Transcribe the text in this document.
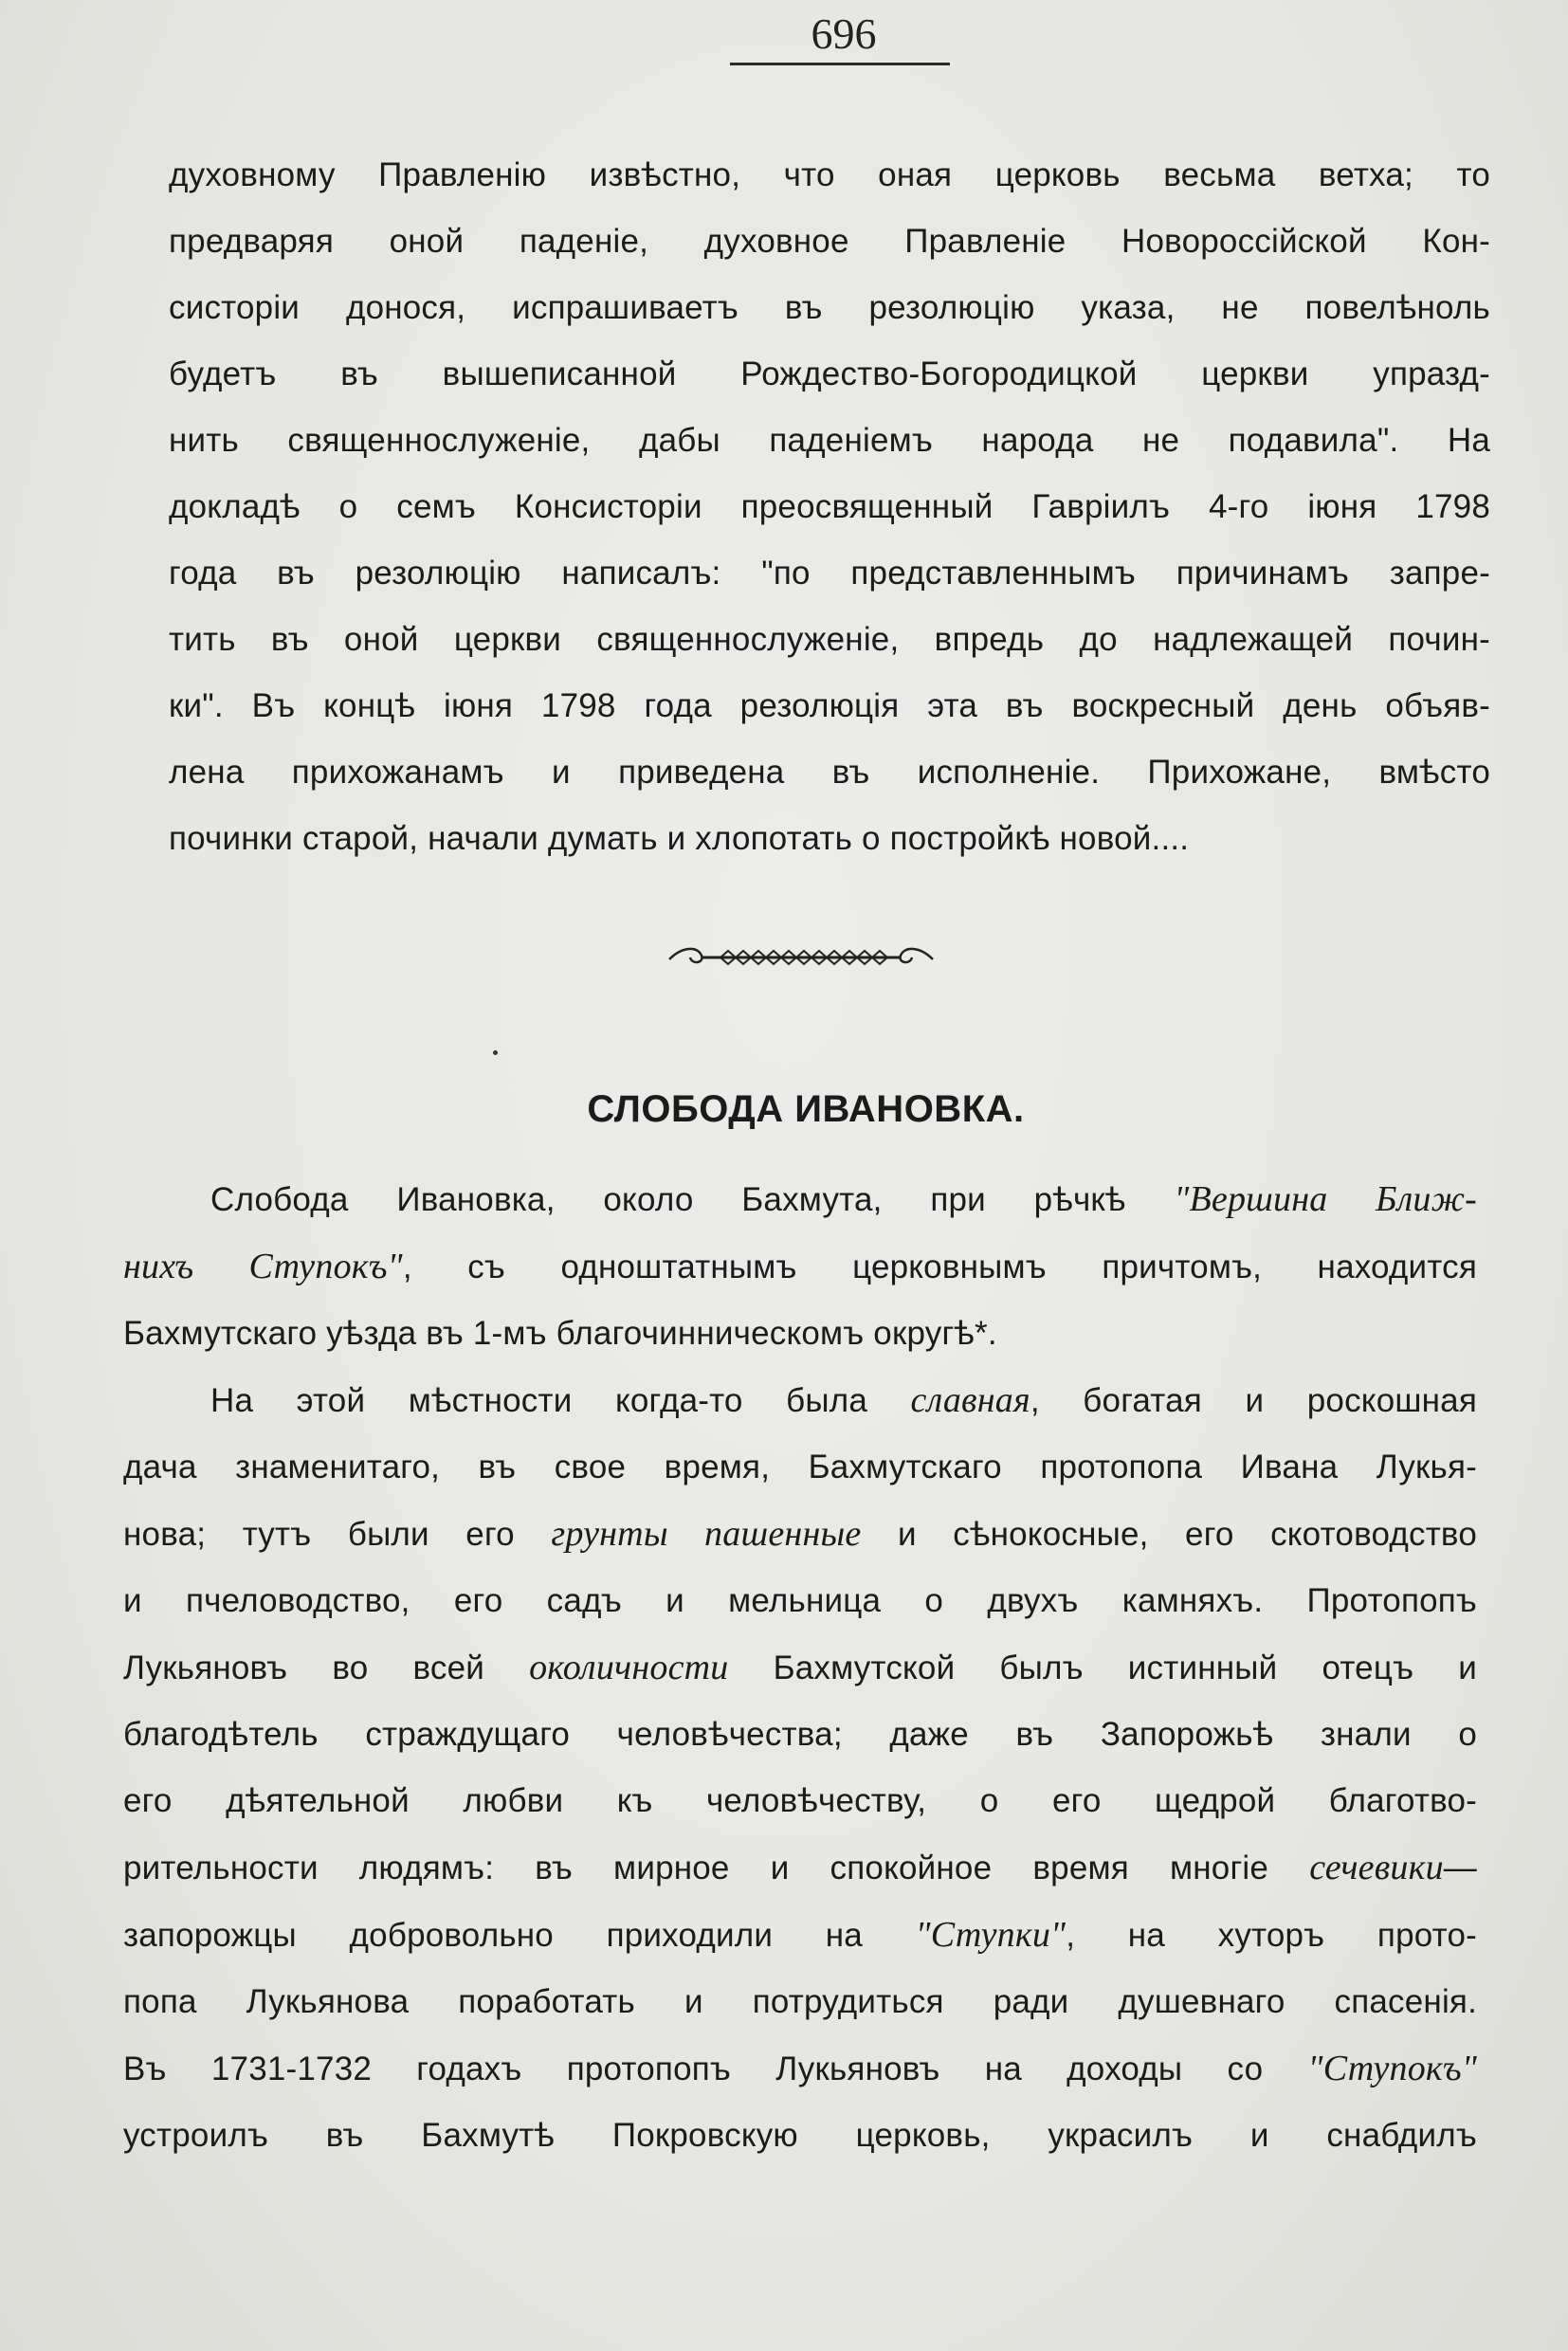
696
духовному Правленію извѣстно, что оная церковь весьма ветха; то
предваряя оной паденіе, духовное Правленіе Новороссійской Кон-
систоріи донося, испрашиваетъ въ резолюцію указа, не повелѣноль
будетъ въ вышеписанной Рождество-Богородицкой церкви упразд-
нить священнослуженіе, дабы паденіемъ народа не подавила". На
докладѣ о семъ Консисторіи преосвященный Гавріилъ 4-го іюня 1798
года въ резолюцію написалъ: "по представленнымъ причинамъ запре-
тить въ оной церкви священнослуженіе, впредь до надлежащей почин-
ки". Въ концѣ іюня 1798 года резолюція эта въ воскресный день объяв-
лена прихожанамъ и приведена въ исполненіе. Прихожане, вмѣсто
починки старой, начали думать и хлопотать о постройкѣ новой....
СЛОБОДА ИВАНОВКА.
Слобода Ивановка, около Бахмута, при рѣчкѣ "Вершина Ближ-
нихъ Ступокъ", съ одноштатнымъ церковнымъ причтомъ, находится
Бахмутскаго уѣзда въ 1-мъ благочинническомъ округѣ*.
На этой мѣстности когда-то была славная, богатая и роскошная
дача знаменитаго, въ свое время, Бахмутскаго протопопа Ивана Лукья-
нова; тутъ были его грунты пашенные и сѣнокосные, его скотоводство
и пчеловодство, его садъ и мельница о двухъ камняхъ. Протопопъ
Лукьяновъ во всей околичности Бахмутской былъ истинный отецъ и
благодѣтель страждущаго человѣчества; даже въ Запорожьѣ знали о
его дѣятельной любви къ человѣчеству, о его щедрой благотво-
рительности людямъ: въ мирное и спокойное время многіе сечевики—
запорожцы добровольно приходили на "Ступки", на хуторъ прото-
попа Лукьянова поработать и потрудиться ради душевнаго спасенія.
Въ 1731-1732 годахъ протопопъ Лукьяновъ на доходы со "Ступокъ"
устроилъ въ Бахмутѣ Покровскую церковь, украсилъ и снабдилъ
